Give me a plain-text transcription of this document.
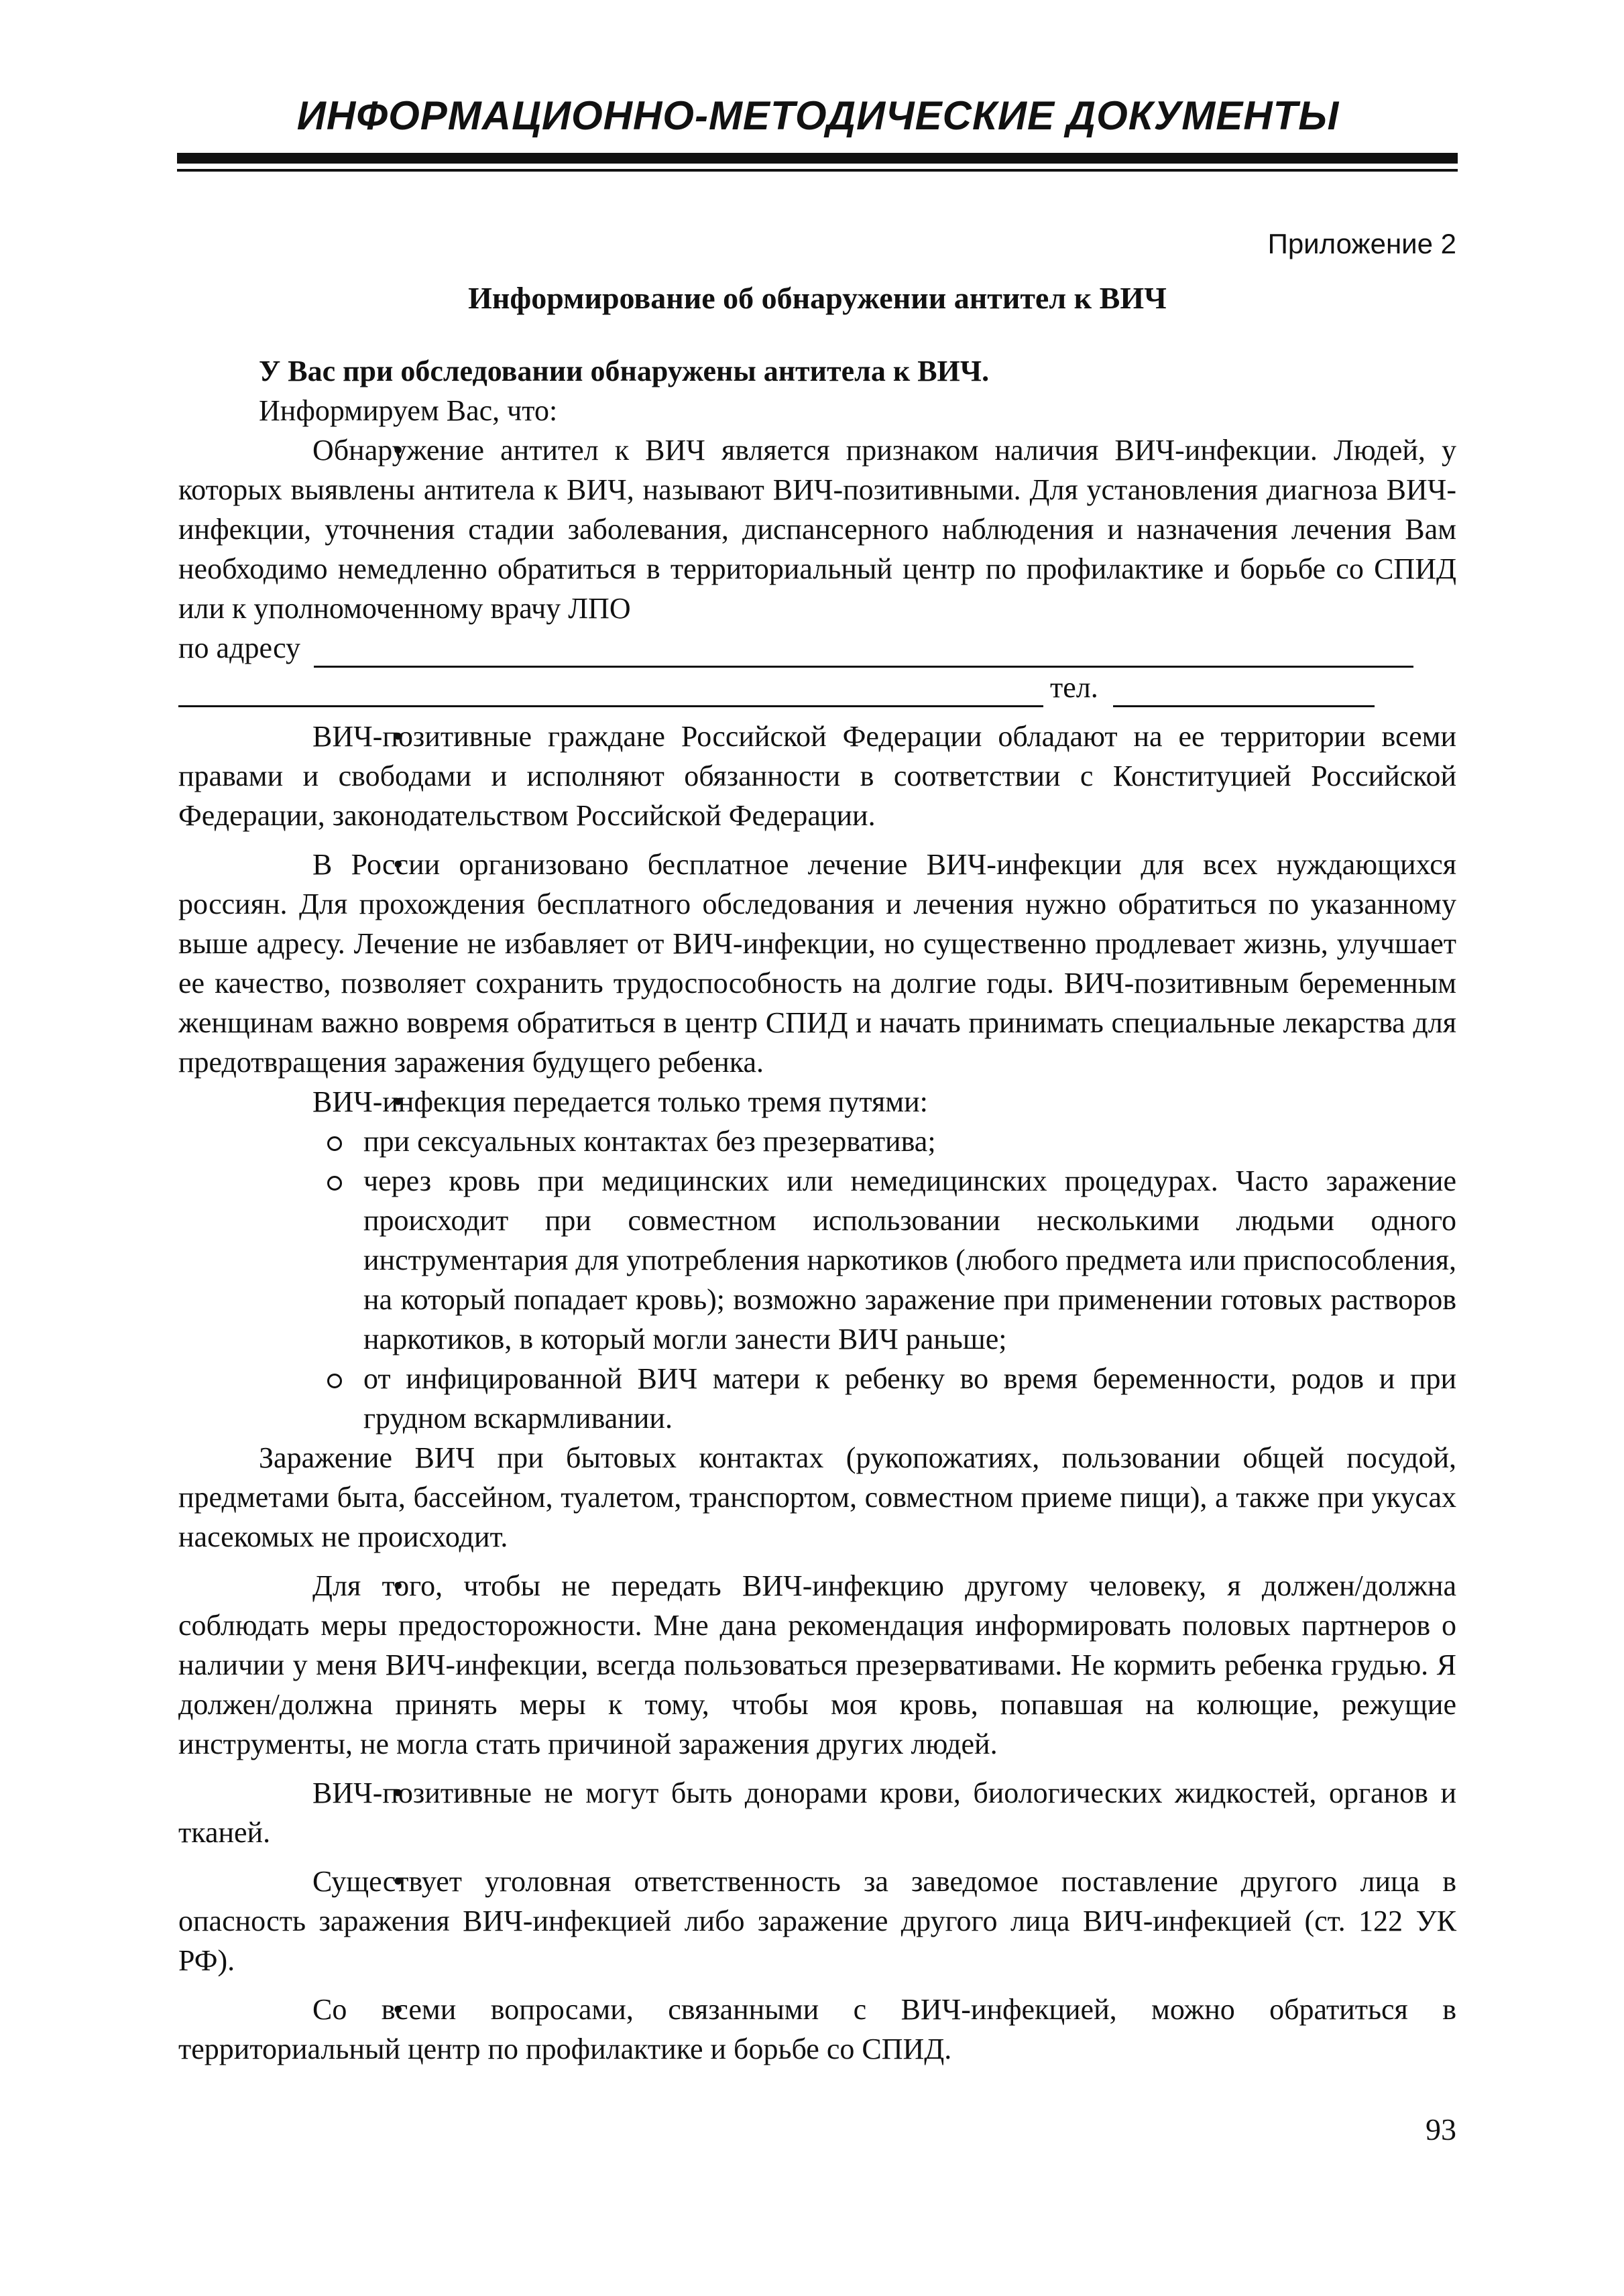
ИНФОРМАЦИОННО-МЕТОДИЧЕСКИЕ ДОКУМЕНТЫ
Приложение 2
Информирование об обнаружении антител к ВИЧ

У Вас при обследовании обнаружены антитела к ВИЧ.

Информируем Вас, что:

• Обнаружение антител к ВИЧ является признаком наличия ВИЧ-инфекции. Людей, у которых выявлены антитела к ВИЧ, называют ВИЧ-позитивными. Для установления диагноза ВИЧ-инфекции, уточнения стадии заболевания, диспансерного наблюдения и назначения лечения Вам необходимо немедленно обратиться в территориальный центр по профилактике и борьбе со СПИД или к уполномоченному врачу ЛПО

по адресу
тел.

• ВИЧ-позитивные граждане Российской Федерации обладают на ее территории всеми правами и свободами и исполняют обязанности в соответствии с Конституцией Российской Федерации, законодательством Российской Федерации.

• В России организовано бесплатное лечение ВИЧ-инфекции для всех нуждающихся россиян. Для прохождения бесплатного обследования и лечения нужно обратиться по указанному выше адресу. Лечение не избавляет от ВИЧ-инфекции, но существенно продлевает жизнь, улучшает ее качество, позволяет сохранить трудоспособность на долгие годы. ВИЧ-позитивным беременным женщинам важно вовремя обратиться в центр СПИД и начать принимать специальные лекарства для предотвращения заражения будущего ребенка.

• ВИЧ-инфекция передается только тремя путями:

при сексуальных контактах без презерватива;

через кровь при медицинских или немедицинских процедурах. Часто заражение происходит при совместном использовании несколькими людьми одного инструментария для употребления наркотиков (любого предмета или приспособления, на который попадает кровь); возможно заражение при применении готовых растворов наркотиков, в который могли занести ВИЧ раньше;

от инфицированной ВИЧ матери к ребенку во время беременности, родов и при грудном вскармливании.

Заражение ВИЧ при бытовых контактах (рукопожатиях, пользовании общей посудой, предметами быта, бассейном, туалетом, транспортом, совместном приеме пищи), а также при укусах насекомых не происходит.

• Для того, чтобы не передать ВИЧ-инфекцию другому человеку, я должен/должна соблюдать меры предосторожности. Мне дана рекомендация информировать половых партнеров о наличии у меня ВИЧ-инфекции, всегда пользоваться презервативами. Не кормить ребенка грудью. Я должен/должна принять меры к тому, чтобы моя кровь, попавшая на колющие, режущие инструменты, не могла стать причиной заражения других людей.

• ВИЧ-позитивные не могут быть донорами крови, биологических жидкостей, органов и тканей.

• Существует уголовная ответственность за заведомое поставление другого лица в опасность заражения ВИЧ-инфекцией либо заражение другого лица ВИЧ-инфекцией (ст. 122 УК РФ).

• Со всеми вопросами, связанными с ВИЧ-инфекцией, можно обратиться в территориальный центр по профилактике и борьбе со СПИД.

93
